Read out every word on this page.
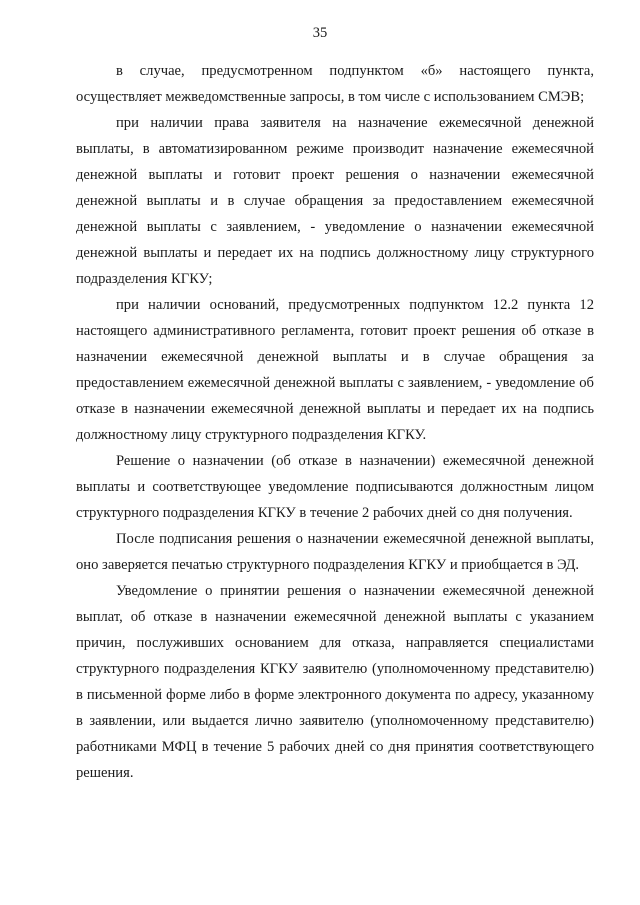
35

в случае, предусмотренном подпунктом «б» настоящего пункта, осуществляет межведомственные запросы, в том числе с использованием СМЭВ;

при наличии права заявителя на назначение ежемесячной денежной выплаты, в автоматизированном режиме производит назначение ежемесячной денежной выплаты и готовит проект решения о назначении ежемесячной денежной выплаты и в случае обращения за предоставлением ежемесячной денежной выплаты с заявлением, - уведомление о назначении ежемесячной денежной выплаты и передает их на подпись должностному лицу структурного подразделения КГКУ;

при наличии оснований, предусмотренных подпунктом 12.2 пункта 12 настоящего административного регламента, готовит проект решения об отказе в назначении ежемесячной денежной выплаты и в случае обращения за предоставлением ежемесячной денежной выплаты с заявлением, - уведомление об отказе в назначении ежемесячной денежной выплаты и передает их на подпись должностному лицу структурного подразделения КГКУ.

Решение о назначении (об отказе в назначении) ежемесячной денежной выплаты и соответствующее уведомление подписываются должностным лицом структурного подразделения КГКУ в течение 2 рабочих дней со дня получения.

После подписания решения о назначении ежемесячной денежной выплаты, оно заверяется печатью структурного подразделения КГКУ и приобщается в ЭД.

Уведомление о принятии решения о назначении ежемесячной денежной выплат, об отказе в назначении ежемесячной денежной выплаты с указанием причин, послуживших основанием для отказа, направляется специалистами структурного подразделения КГКУ заявителю (уполномоченному представителю) в письменной форме либо в форме электронного документа по адресу, указанному в заявлении, или выдается лично заявителю (уполномоченному представителю) работниками МФЦ в течение 5 рабочих дней со дня принятия соответствующего решения.
